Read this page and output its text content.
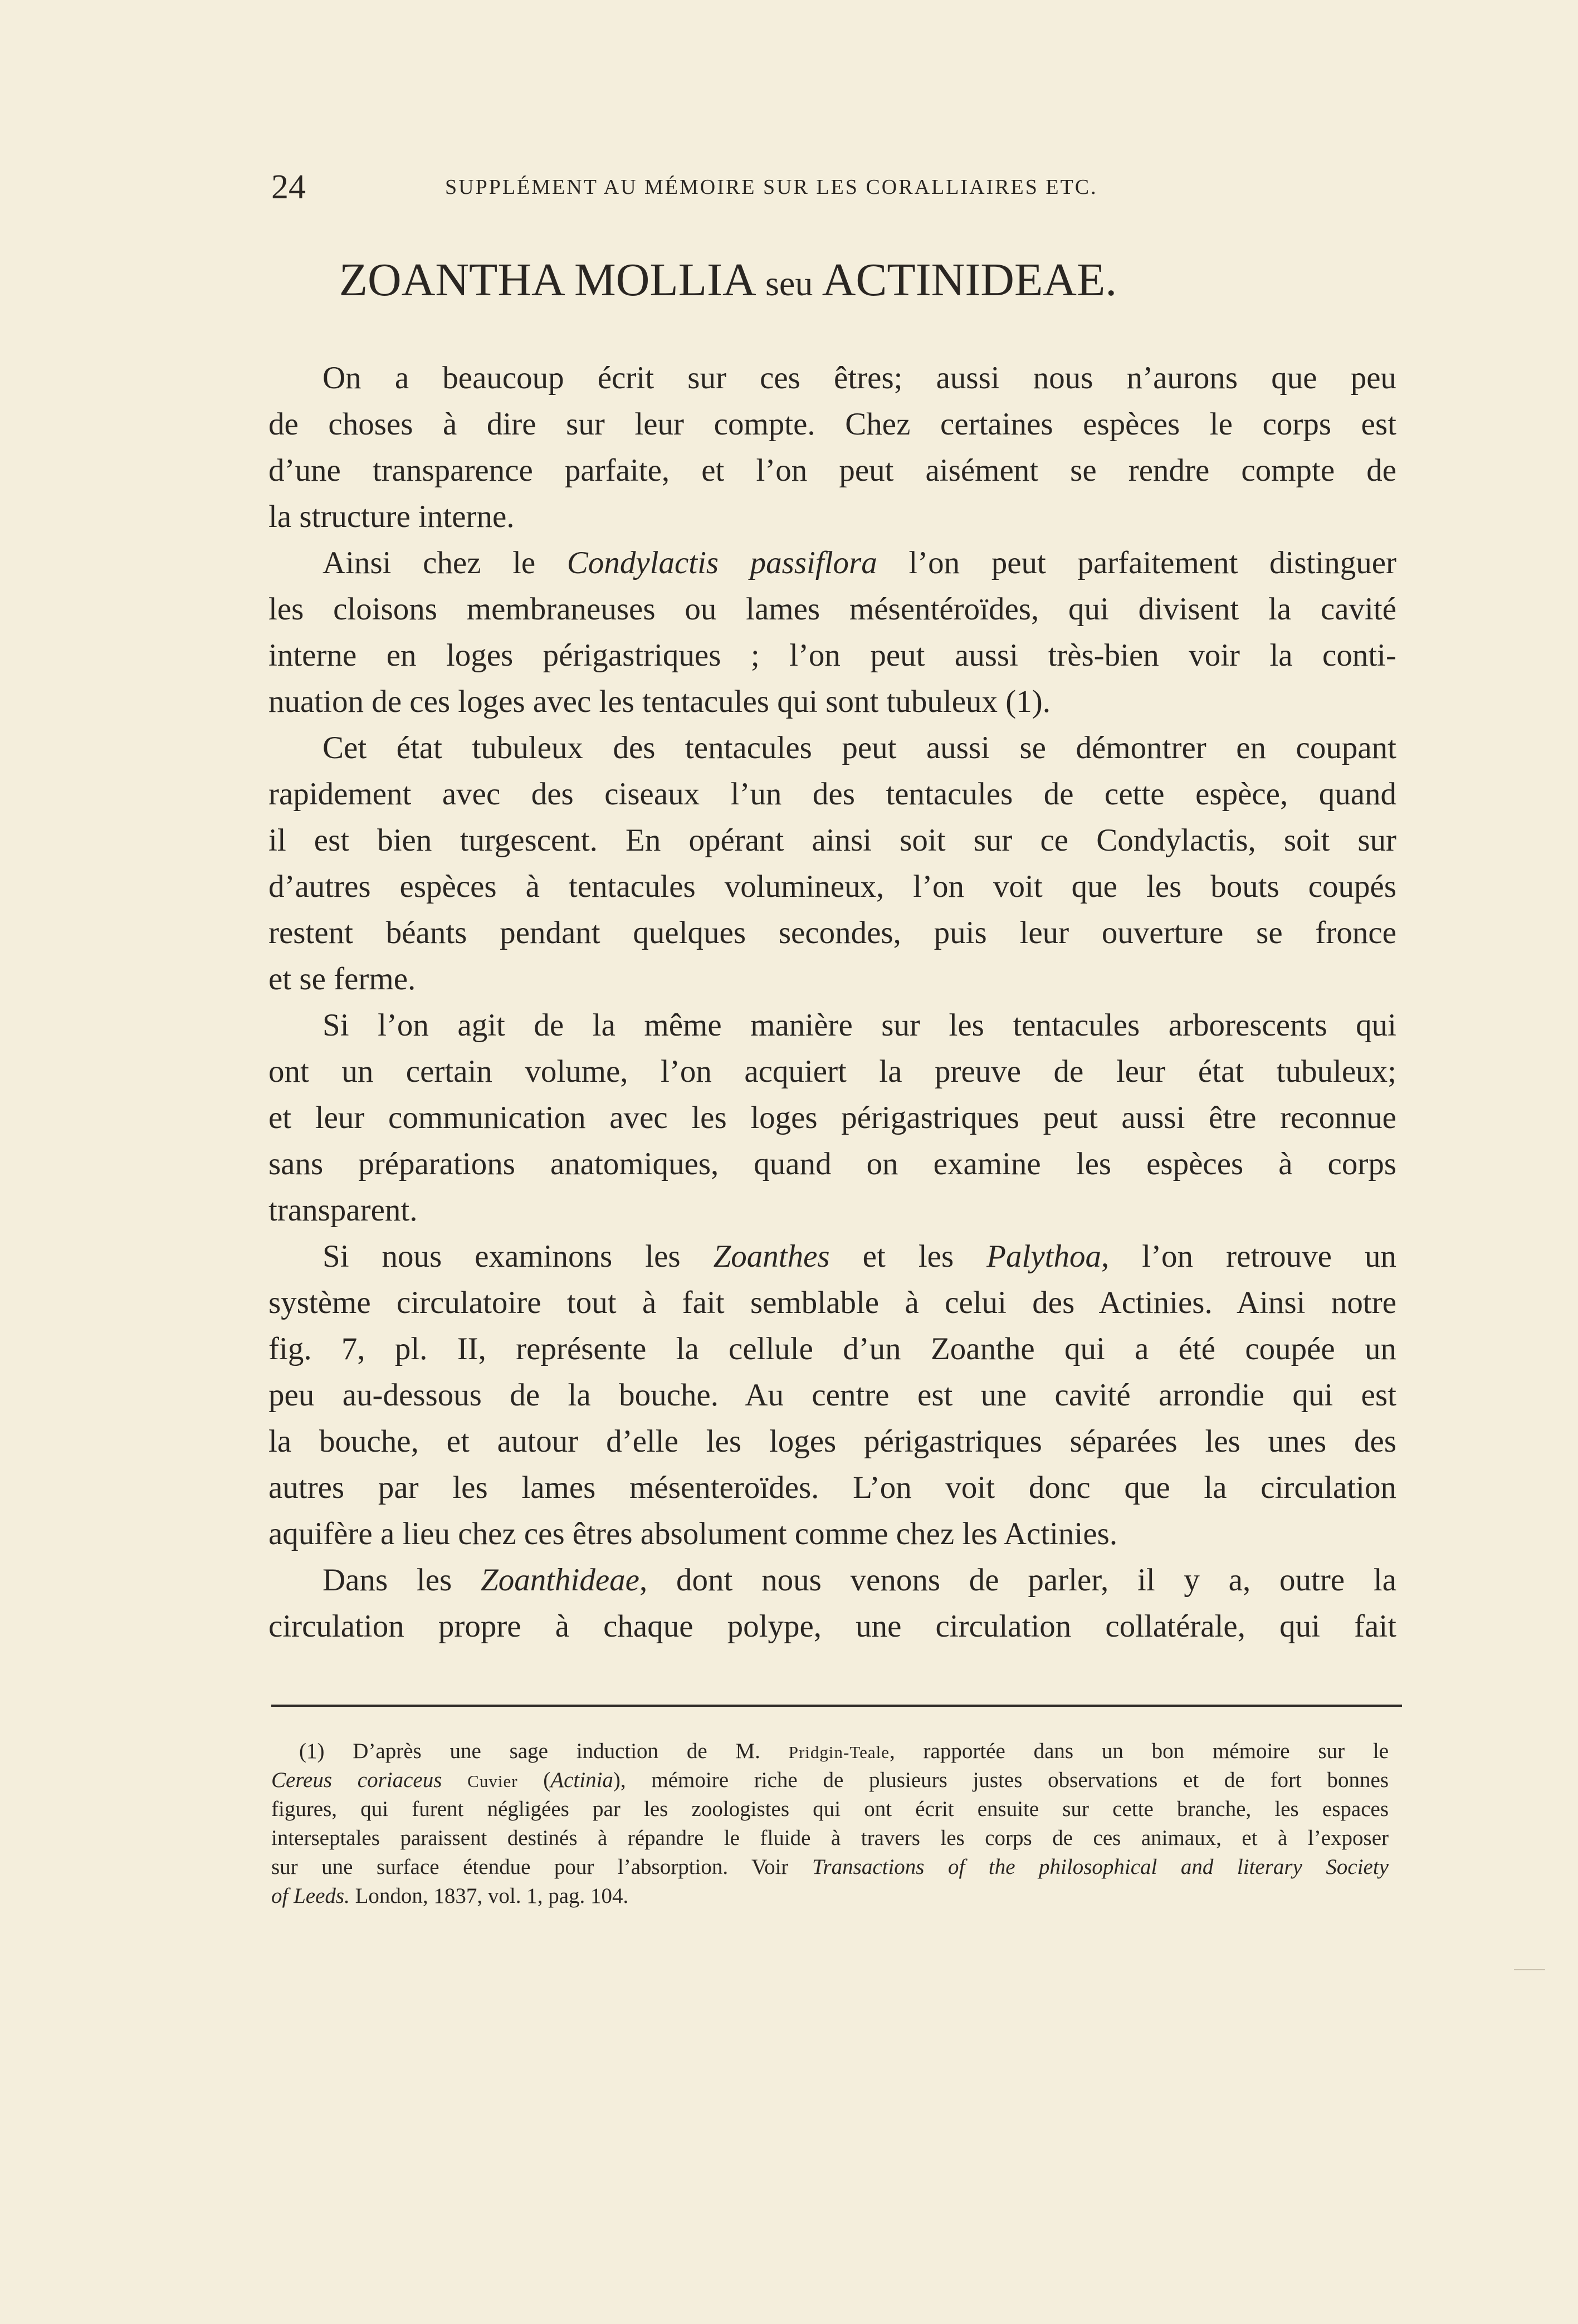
24	SUPPLÉMENT AU MÉMOIRE SUR LES CORALLIAIRES ETC.
ZOANTHA MOLLIA seu ACTINIDEAE.
On a beaucoup écrit sur ces êtres; aussi nous n’aurons que peu
de choses à dire sur leur compte. Chez certaines espèces le corps est
d’une transparence parfaite, et l’on peut aisément se rendre compte de
la structure interne.
Ainsi chez le Condylactis passiflora l’on peut parfaitement distinguer
les cloisons membraneuses ou lames mésentéroïdes, qui divisent la cavité
interne en loges périgastriques ; l’on peut aussi très-bien voir la conti-
nuation de ces loges avec les tentacules qui sont tubuleux (1).
Cet état tubuleux des tentacules peut aussi se démontrer en coupant
rapidement avec des ciseaux l’un des tentacules de cette espèce, quand
il est bien turgescent. En opérant ainsi soit sur ce Condylactis, soit sur
d’autres espèces à tentacules volumineux, l’on voit que les bouts coupés
restent béants pendant quelques secondes, puis leur ouverture se fronce
et se ferme.
Si l’on agit de la même manière sur les tentacules arborescents qui
ont un certain volume, l’on acquiert la preuve de leur état tubuleux;
et leur communication avec les loges périgastriques peut aussi être reconnue
sans préparations anatomiques, quand on examine les espèces à corps
transparent.
Si nous examinons les Zoanthes et les Palythoa, l’on retrouve un
système circulatoire tout à fait semblable à celui des Actinies. Ainsi notre
fig. 7, pl. II, représente la cellule d’un Zoanthe qui a été coupée un
peu au-dessous de la bouche. Au centre est une cavité arrondie qui est
la bouche, et autour d’elle les loges périgastriques séparées les unes des
autres par les lames mésenteroïdes. L’on voit donc que la circulation
aquifère a lieu chez ces êtres absolument comme chez les Actinies.
Dans les Zoanthideae, dont nous venons de parler, il y a, outre la
circulation propre à chaque polype, une circulation collatérale, qui fait
(1) D’après une sage induction de M. Pridgin-Teale, rapportée dans un bon mémoire sur le
Cereus coriaceus Cuvier (Actinia), mémoire riche de plusieurs justes observations et de fort bonnes
figures, qui furent négligées par les zoologistes qui ont écrit ensuite sur cette branche, les espaces
interseptales paraissent destinés à répandre le fluide à travers les corps de ces animaux, et à l’exposer
sur une surface étendue pour l’absorption. Voir Transactions of the philosophical and literary Society
of Leeds. London, 1837, vol. 1, pag. 104.
